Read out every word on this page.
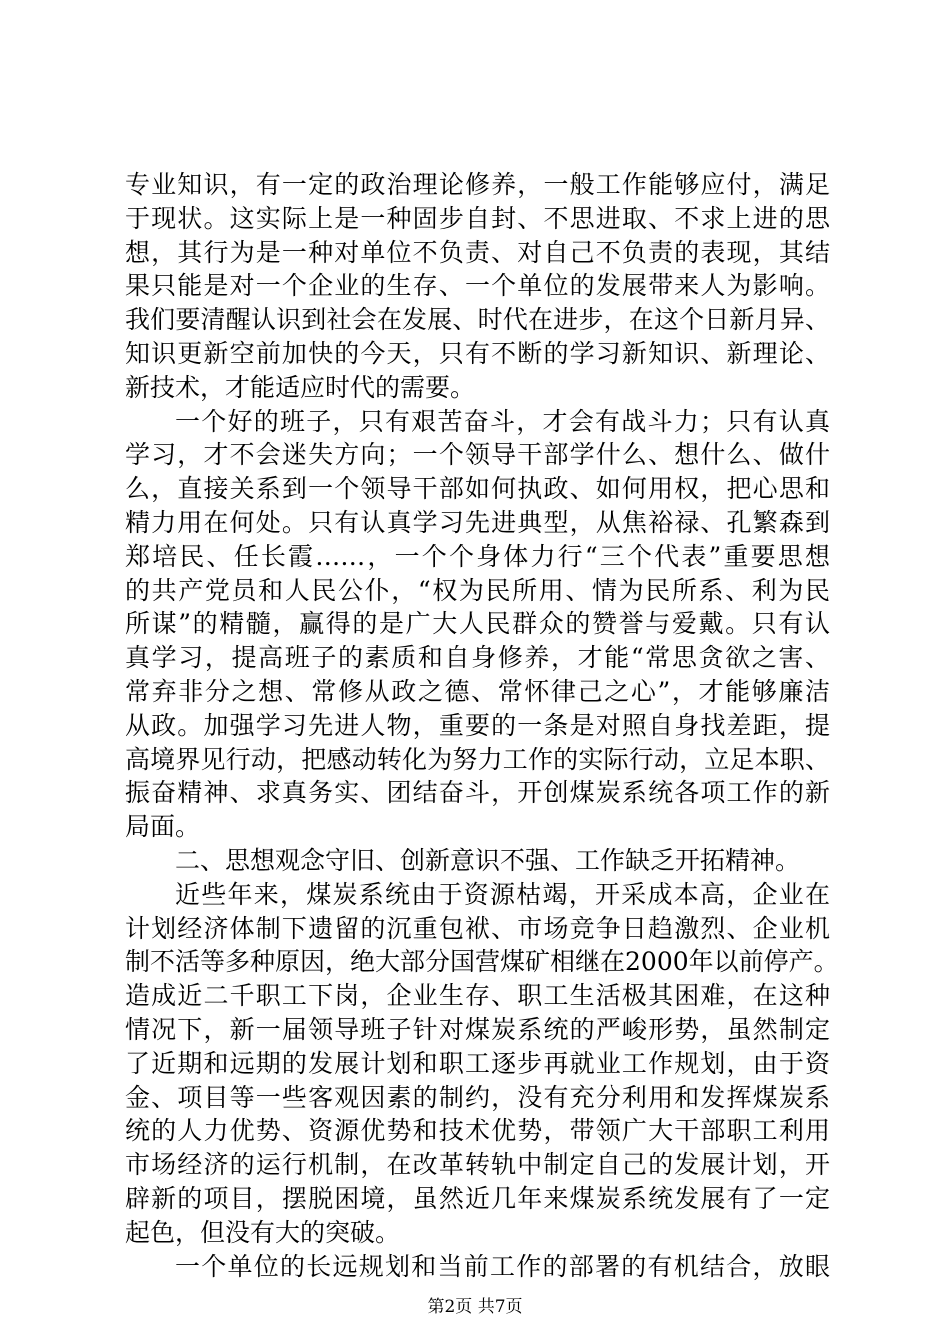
专业知识，有一定的政治理论修养，一般工作能够应付，满足
于现状。这实际上是一种固步自封、不思进取、不求上进的思
想，其行为是一种对单位不负责、对自己不负责的表现，其结
果只能是对一个企业的生存、一个单位的发展带来人为影响。
我们要清醒认识到社会在发展、时代在进步，在这个日新月异、
知识更新空前加快的今天，只有不断的学习新知识、新理论、
新技术，才能适应时代的需要。
一个好的班子，只有艰苦奋斗，才会有战斗力；只有认真
学习，才不会迷失方向；一个领导干部学什么、想什么、做什
么，直接关系到一个领导干部如何执政、如何用权，把心思和
精力用在何处。只有认真学习先进典型，从焦裕禄、孔繁森到
郑培民、任长霞……，一个个身体力行“三个代表”重要思想
的共产党员和人民公仆，“权为民所用、情为民所系、利为民
所谋”的精髓，赢得的是广大人民群众的赞誉与爱戴。只有认
真学习，提高班子的素质和自身修养，才能“常思贪欲之害、
常弃非分之想、常修从政之德、常怀律己之心”，才能够廉洁
从政。加强学习先进人物，重要的一条是对照自身找差距，提
高境界见行动，把感动转化为努力工作的实际行动，立足本职、
振奋精神、求真务实、团结奋斗，开创煤炭系统各项工作的新
局面。
二、思想观念守旧、创新意识不强、工作缺乏开拓精神。
近些年来，煤炭系统由于资源枯竭，开采成本高，企业在
计划经济体制下遗留的沉重包袱、市场竞争日趋激烈、企业机
制不活等多种原因，绝大部分国营煤矿相继在2000年以前停产。
造成近二千职工下岗，企业生存、职工生活极其困难，在这种
情况下，新一届领导班子针对煤炭系统的严峻形势，虽然制定
了近期和远期的发展计划和职工逐步再就业工作规划，由于资
金、项目等一些客观因素的制约，没有充分利用和发挥煤炭系
统的人力优势、资源优势和技术优势，带领广大干部职工利用
市场经济的运行机制，在改革转轨中制定自己的发展计划，开
辟新的项目，摆脱困境，虽然近几年来煤炭系统发展有了一定
起色，但没有大的突破。
一个单位的长远规划和当前工作的部署的有机结合，放眼
第2页 共7页
